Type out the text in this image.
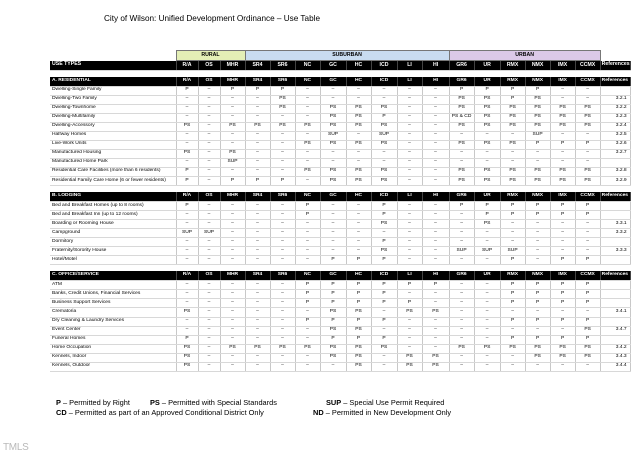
City of Wilson: Unified Development Ordinance – Use Table
	RURAL			SUBURBAN								URBAN						
USE TYPES	R/A	OS	MHR	SR4	SR6	NC	GC	HC	ICD	LI	HI	GR6	UR	RMX	NMX	IMX	CCMX	References

A. RESIDENTIAL	R/A	OS	MHR	SR4	SR6	NC	GC	HC	ICD	LI	HI	GR6	UR	RMX	NMX	IMX	CCMX	References
Dwelling-Single Family	P	–	P	P	P	–	–	–	–	–	–	P	P	P	P	–	–	
Dwelling-Two Family	–	–	–	–	PS	–	–	–	–	–	–	PS	PS	P	PS	–	–	3.2.1
Dwelling-Townhome	–	–	–	–	PS	–	PS	PS	PS	–	–	PS	PS	PS	PS	PS	PS	3.2.2
Dwelling-Multifamily	–	–	–	–	–	–	PS	PS	P	–	–	PS & CD	PS	PS	PS	PS	PS	3.2.3
Dwelling-Accessory	PS	–	PS	PS	PS	PS	PS	PS	PS	–	–	PS	PS	PS	PS	PS	PS	3.2.4
Halfway Homes	–	–	–	–	–	–	SUP	–	SUP	–	–	–	–	–	SUP	–	–	3.2.5
Live-Work Units	–	–	–	–	–	PS	PS	PS	PS	–	–	PS	PS	PS	P	P	P	3.2.6
Manufactured Housing	PS	–	PS	–	–	–	–	–	–	–	–	–	–	–	–	–	–	3.2.7
Manufactured Home Park	–	–	SUP	–	–	–	–	–	–	–	–	–	–	–	–	–	–	
Residential Care Facilities (more than 6 residents)	P	–	–	–	–	PS	PS	PS	PS	–	–	PS	PS	PS	PS	PS	PS	3.2.8
Residential Family Care Home (6 or fewer residents)	P	–	P	P	P	–	PS	PS	PS	–	–	PS	PS	PS	PS	PS	PS	3.2.9

B. LODGING	R/A	OS	MHR	SR4	SR6	NC	GC	HC	ICD	LI	HI	GR6	UR	RMX	NMX	IMX	CCMX	References
Bed and Breakfast Homes (up to 8 rooms)	P	–	–	–	–	P	–	–	P	–	–	P	P	P	P	P	P	
Bed and Breakfast Inn (up to 12 rooms)	–	–	–	–	–	P	–	–	P	–	–	–	P	P	P	P	P	
Boarding or Rooming House	–	–	–	–	–	–	–	–	PS	–	–	–	PS	–	–	–	–	3.3.1
Campground	SUP	SUP	–	–	–	–	–	–	–	–	–	–	–	–	–	–	–	3.3.2
Dormitory	–	–	–	–	–	–	–	–	P	–	–	–	–	–	–	–	–	
Fraternity/Sorority House	–	–	–	–	–	–	–	–	PS	–	–	SUP	SUP	SUP	–	–	–	3.3.3
Hotel/Motel	–	–	–	–	–	–	P	P	P	–	–	–	–	P	–	P	P	

C. OFFICE/SERVICE	R/A	OS	MHR	SR4	SR6	NC	GC	HC	ICD	LI	HI	GR6	UR	RMX	NMX	IMX	CCMX	References
ATM	–	–	–	–	–	P	P	P	P	P	P	–	–	P	P	P	P	
Banks, Credit Unions, Financial Services	–	–	–	–	–	P	P	P	P	–	–	–	–	P	P	P	P	
Business Support Services	–	–	–	–	–	P	P	P	P	P	–	–	–	P	P	P	P	
Crematoria	PS	–	–	–	–	–	PS	PS	–	PS	PS	–	–	–	–	–	–	3.4.1
Dry Cleaning & Laundry Services	–	–	–	–	–	P	P	P	P	–	–	–	–	P	P	P	P	
Event Center	–	–	–	–	–	–	PS	PS	–	–	–	–	–	–	–	–	PS	3.4.7
Funeral Homes	P	–	–	–	–	–	P	P	P	–	–	–	–	P	P	P	P	
Home Occupation	PS	–	PS	PS	PS	PS	PS	PS	PS	–	–	PS	PS	PS	PS	PS	PS	3.4.2
Kennels, Indoor	PS	–	–	–	–	–	PS	PS	–	PS	PS	–	–	–	PS	PS	PS	3.4.3
Kennels, Outdoor	PS	–	–	–	–	–	–	PS	–	PS	PS	–	–	–	–	–	–	3.4.4
P – Permitted by Right	PS – Permitted with Special Standards	SUP – Special Use Permit Required
CD – Permitted as part of an Approved Conditional District Only	ND – Permitted in New Development Only
TMLS
